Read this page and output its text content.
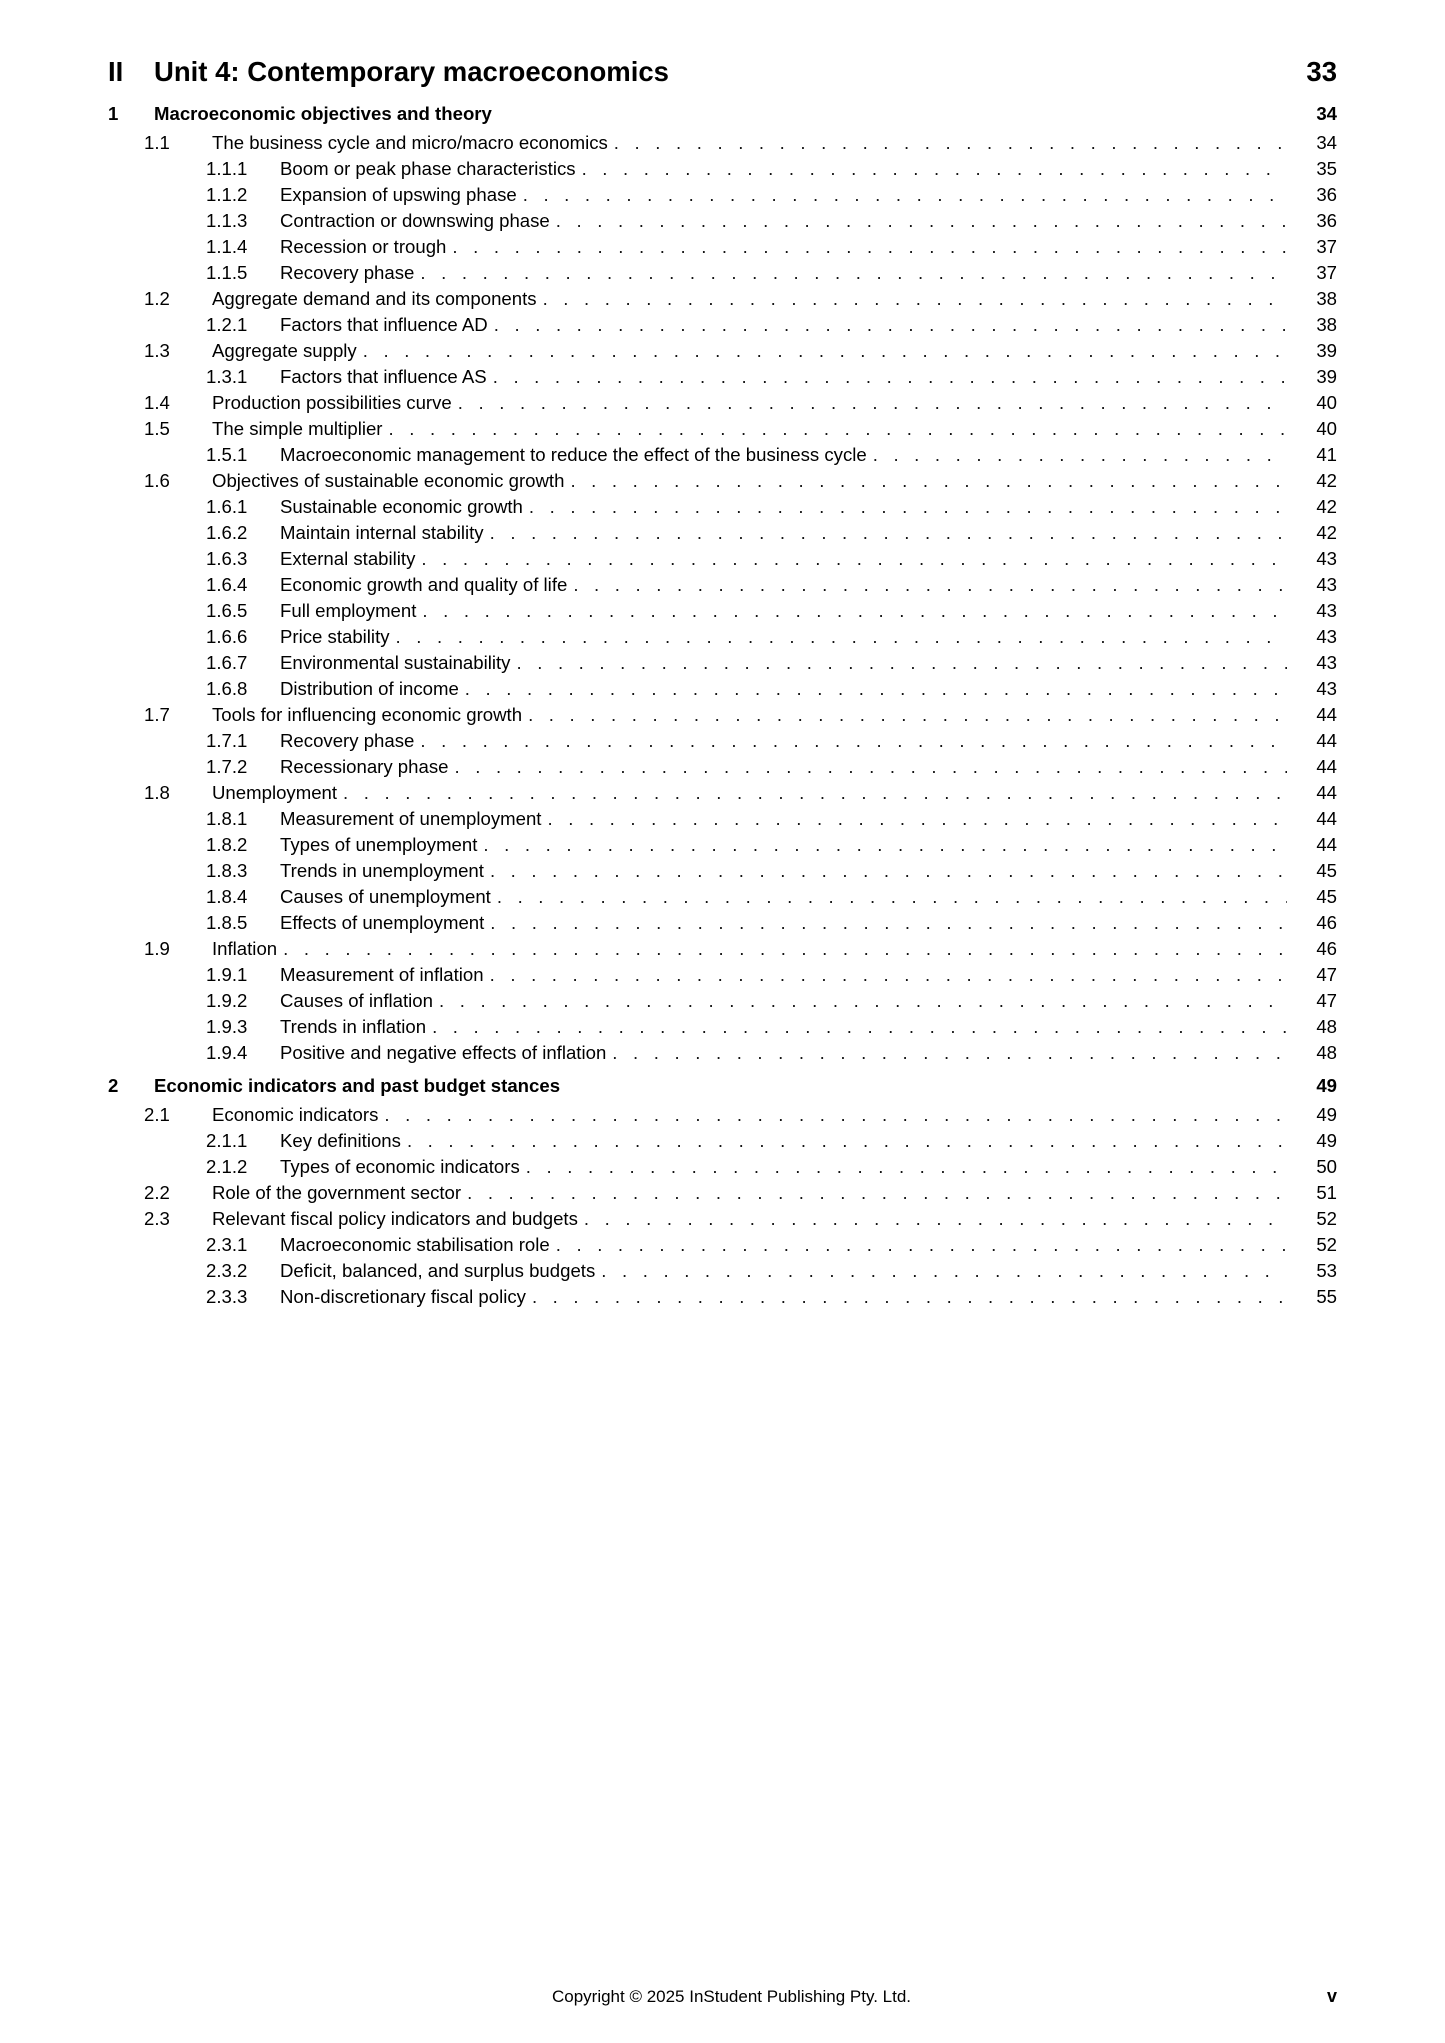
II	Unit 4: Contemporary macroeconomics	33
1	Macroeconomic objectives and theory	34
1.1	The business cycle and micro/macro economics . . .	34
1.1.1	Boom or peak phase characteristics . . .	35
1.1.2	Expansion of upswing phase . . .	36
1.1.3	Contraction or downswing phase . . .	36
1.1.4	Recession or trough . . .	37
1.1.5	Recovery phase . . .	37
1.2	Aggregate demand and its components . . .	38
1.2.1	Factors that influence AD . . .	38
1.3	Aggregate supply . . .	39
1.3.1	Factors that influence AS . . .	39
1.4	Production possibilities curve . . .	40
1.5	The simple multiplier . . .	40
1.5.1	Macroeconomic management to reduce the effect of the business cycle . . .	41
1.6	Objectives of sustainable economic growth . . .	42
1.6.1	Sustainable economic growth . . .	42
1.6.2	Maintain internal stability . . .	42
1.6.3	External stability . . .	43
1.6.4	Economic growth and quality of life . . .	43
1.6.5	Full employment . . .	43
1.6.6	Price stability . . .	43
1.6.7	Environmental sustainability . . .	43
1.6.8	Distribution of income . . .	43
1.7	Tools for influencing economic growth . . .	44
1.7.1	Recovery phase . . .	44
1.7.2	Recessionary phase . . .	44
1.8	Unemployment . . .	44
1.8.1	Measurement of unemployment . . .	44
1.8.2	Types of unemployment . . .	44
1.8.3	Trends in unemployment . . .	45
1.8.4	Causes of unemployment . . .	45
1.8.5	Effects of unemployment . . .	46
1.9	Inflation . . .	46
1.9.1	Measurement of inflation . . .	47
1.9.2	Causes of inflation . . .	47
1.9.3	Trends in inflation . . .	48
1.9.4	Positive and negative effects of inflation . . .	48
2	Economic indicators and past budget stances	49
2.1	Economic indicators . . .	49
2.1.1	Key definitions . . .	49
2.1.2	Types of economic indicators . . .	50
2.2	Role of the government sector . . .	51
2.3	Relevant fiscal policy indicators and budgets . . .	52
2.3.1	Macroeconomic stabilisation role . . .	52
2.3.2	Deficit, balanced, and surplus budgets . . .	53
2.3.3	Non-discretionary fiscal policy . . .	55
Copyright © 2025 InStudent Publishing Pty. Ltd.	v
